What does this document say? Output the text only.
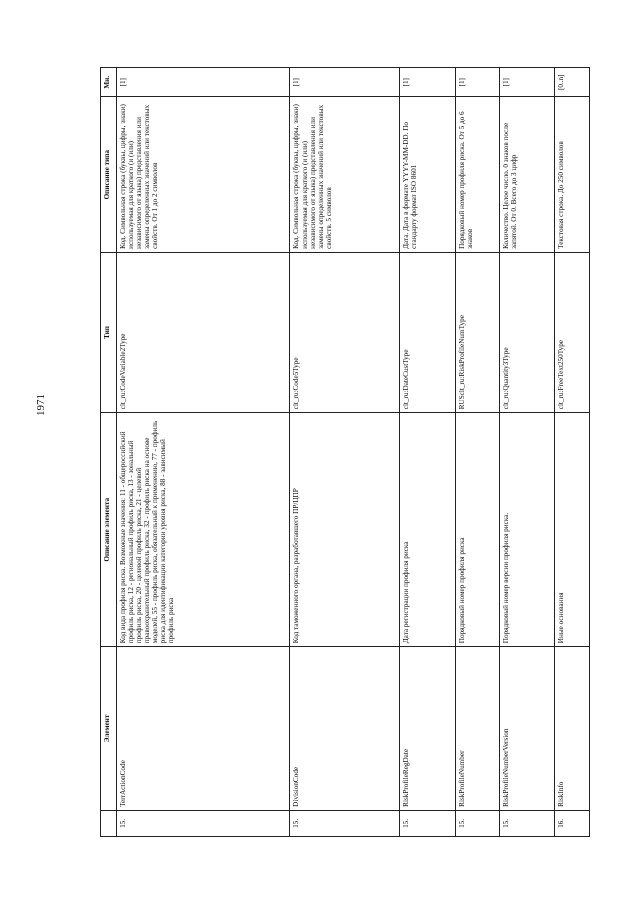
1971
	Элемент	Описание элемента	Тип	Описание типа	Мн.
15.	TerrActionCode	Код вида профиля риска. Возможные значения: 11 - общероссийский профиль риска, 12 - региональный профиль риска, 13 - зональный профиль риска, 20 - целевой профиль риска, 21 - целевой правоохранительный профиль риска, 32 - профиль риска на основе моделей, 55 - профиль риска, обязательный к применению, 77 - профиль риска для идентификации категории уровня риска, 88 - зависимый профиль риска	clt_ru:CodeVariable2Type	Код. Символьная строка (буквы, цифры, знаки) используемая для краткого (и (или) независимого от языка) представления или замены определенных значений или текстовых свойств. От 1 до 2 символов	[1]
15.	DivisionCode	Код таможенного органа, разработавшего ПР/ЦПР	clt_ru:Code5Type	Код. Символьная строка (буквы, цифры, знаки) используемая для краткого (и (или) независимого от языка) представления или замены определенных значений или текстовых свойств. 5 символов	[1]
15.	RiskProfileRegDate	Дата регистрации профиля риска	clt_ru:DateCustType	Дата. Дата в формате YYYY-MM-DD. По стандарту формат ISO 8601	[1]
15.	RiskProfileNumber	Порядковый номер профиля риска	RUSclt_ru:RiskProfileNumType	Порядковый номер профиля риска. От 5 до 6 знаков	[1]
15.	RiskProfileNumberVersion	Порядковый номер версии профиля риска.	clt_ru:Quantity3Type	Количество. Целое число. 0 знаков после запятой. От 0. Всего до 3 цифр	[1]
16.	RiskInfo	Иные основания	clt_ru:FreeText250Type	Текстовая строка. До 250 символов	[0..n]
